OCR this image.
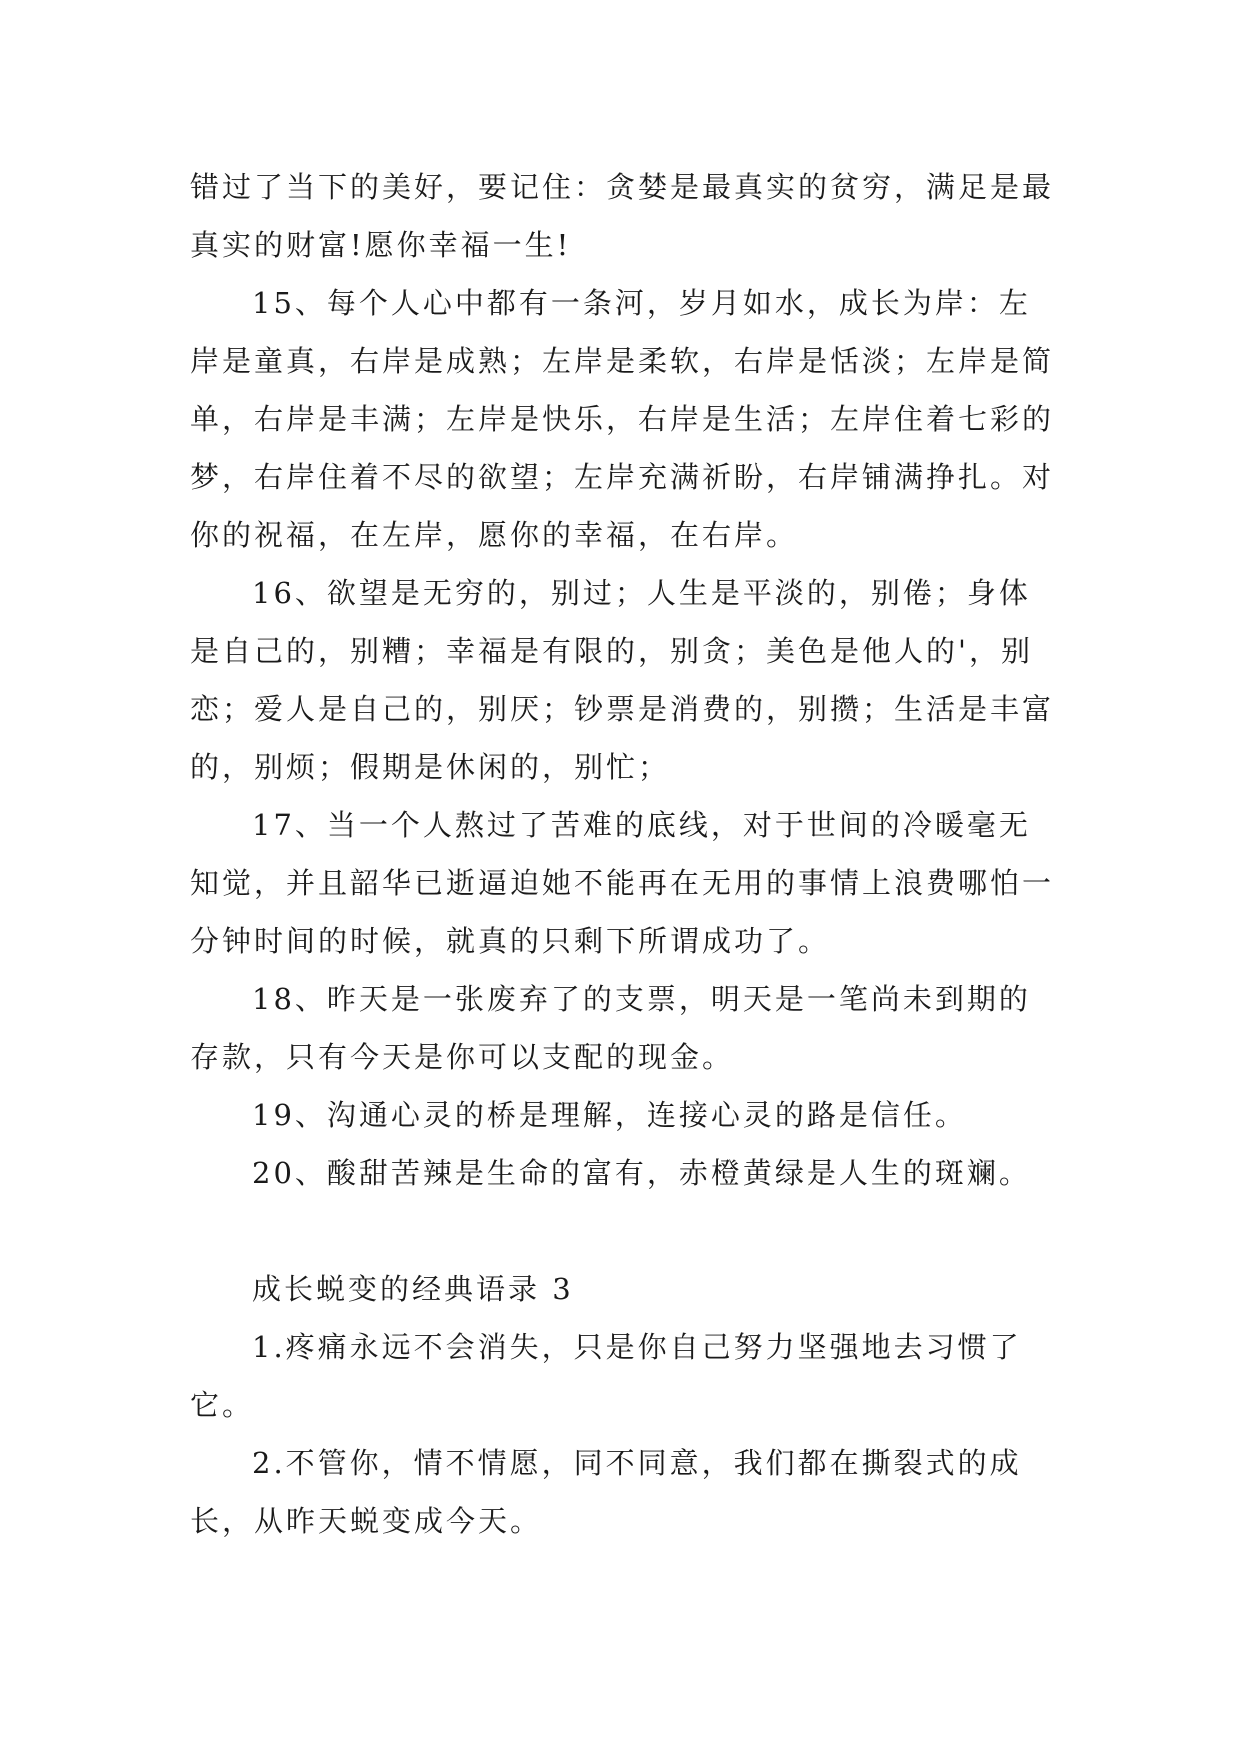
错过了当下的美好，要记住：贪婪是最真实的贫穷，满足是最真实的财富!愿你幸福一生!

15、每个人心中都有一条河，岁月如水，成长为岸：左岸是童真，右岸是成熟；左岸是柔软，右岸是恬淡；左岸是简单，右岸是丰满；左岸是快乐，右岸是生活；左岸住着七彩的梦，右岸住着不尽的欲望；左岸充满祈盼，右岸铺满挣扎。对你的祝福，在左岸，愿你的幸福，在右岸。

16、欲望是无穷的，别过；人生是平淡的，别倦；身体是自己的，别糟；幸福是有限的，别贪；美色是他人的'，别恋；爱人是自己的，别厌；钞票是消费的，别攒；生活是丰富的，别烦；假期是休闲的，别忙；

17、当一个人熬过了苦难的底线，对于世间的冷暖毫无知觉，并且韶华已逝逼迫她不能再在无用的事情上浪费哪怕一分钟时间的时候，就真的只剩下所谓成功了。

18、昨天是一张废弃了的支票，明天是一笔尚未到期的存款，只有今天是你可以支配的现金。

19、沟通心灵的桥是理解，连接心灵的路是信任。

20、酸甜苦辣是生命的富有，赤橙黄绿是人生的斑斓。

成长蜕变的经典语录 3

1.疼痛永远不会消失，只是你自己努力坚强地去习惯了它。

2.不管你，情不情愿，同不同意，我们都在撕裂式的成长，从昨天蜕变成今天。
